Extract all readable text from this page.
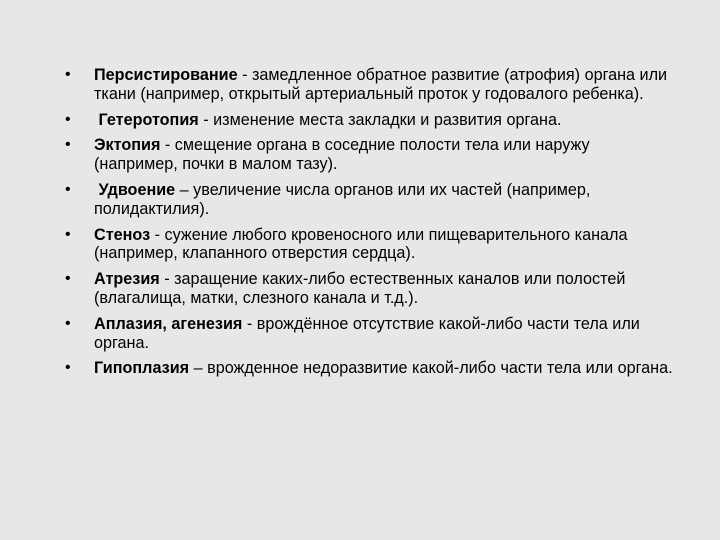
• Персистирование - замедленное обратное развитие (атрофия) органа или ткани (например, открытый артериальный проток у годовалого ребенка).
• Гетеротопия - изменение места закладки и развития органа.
• Эктопия - смещение органа в соседние полости тела или наружу (например, почки в малом тазу).
• Удвоение – увеличение числа органов или их частей (например, полидактилия).
• Стеноз - сужение любого кровеносного или пищеварительного канала (например, клапанного отверстия сердца).
• Атрезия - заращение каких-либо естественных каналов или полостей (влагалища, матки, слезного канала и т.д.).
• Аплазия, агенезия - врождённое отсутствие какой-либо части тела или органа.
• Гипоплазия – врожденное недоразвитие какой-либо части тела или органа.
